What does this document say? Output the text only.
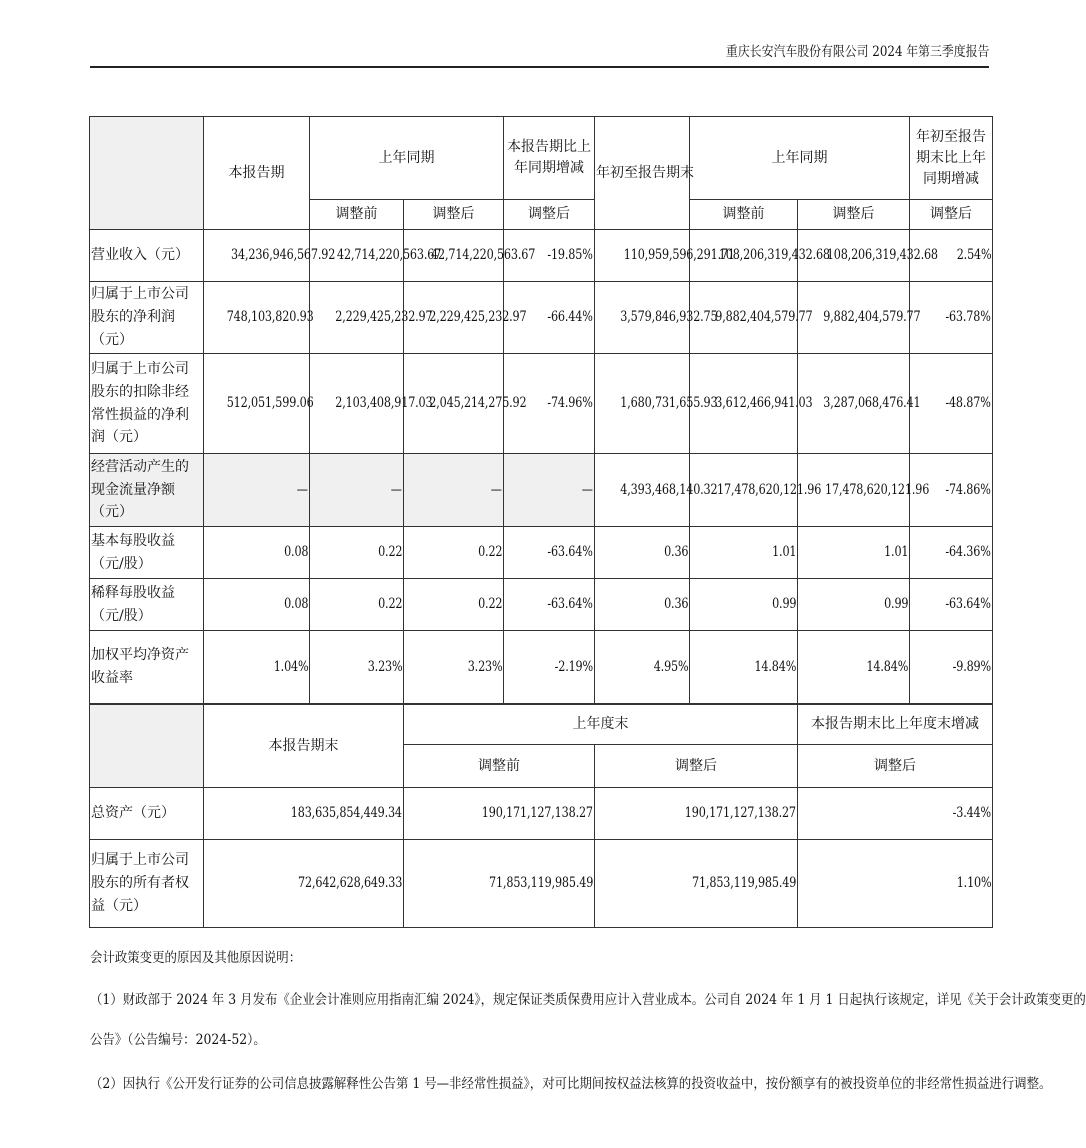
重庆长安汽车股份有限公司 2024 年第三季度报告
	本报告期	上年同期		本报告期比上年同期增减	年初至报告期末	上年同期		年初至报告期末比上年同期增减
		调整前	调整后	调整后		调整前	调整后	调整后
营业收入（元）	34,236,946,567.92	42,714,220,563.67	42,714,220,563.67	-19.85%	110,959,596,291.71	108,206,319,432.68	108,206,319,432.68	2.54%
归属于上市公司股东的净利润（元）	748,103,820.93	2,229,425,232.97	2,229,425,232.97	-66.44%	3,579,846,932.75	9,882,404,579.77	9,882,404,579.77	-63.78%
归属于上市公司股东的扣除非经常性损益的净利润（元）	512,051,599.06	2,103,408,917.03	2,045,214,275.92	-74.96%	1,680,731,655.93	3,612,466,941.03	3,287,068,476.41	-48.87%
经营活动产生的现金流量净额（元）	—	—	—	—	4,393,468,140.32	17,478,620,121.96	17,478,620,121.96	-74.86%
基本每股收益（元/股）	0.08	0.22	0.22	-63.64%	0.36	1.01	1.01	-64.36%
稀释每股收益（元/股）	0.08	0.22	0.22	-63.64%	0.36	0.99	0.99	-63.64%
加权平均净资产收益率	1.04%	3.23%	3.23%	-2.19%	4.95%	14.84%	14.84%	-9.89%
	本报告期末	上年度末		本报告期末比上年度末增减
		调整前	调整后	调整后
总资产（元）	183,635,854,449.34	190,171,127,138.27	190,171,127,138.27	-3.44%
归属于上市公司股东的所有者权益（元）	72,642,628,649.33	71,853,119,985.49	71,853,119,985.49	1.10%
会计政策变更的原因及其他原因说明：
（1）财政部于 2024 年 3 月发布《企业会计准则应用指南汇编 2024》，规定保证类质保费用应计入营业成本。公司自 2024 年 1 月 1 日起执行该规定，详见《关于会计政策变更的
公告》（公告编号：2024-52）。
（2）因执行《公开发行证券的公司信息披露解释性公告第 1 号—非经常性损益》，对可比期间按权益法核算的投资收益中，按份额享有的被投资单位的非经常性损益进行调整。
